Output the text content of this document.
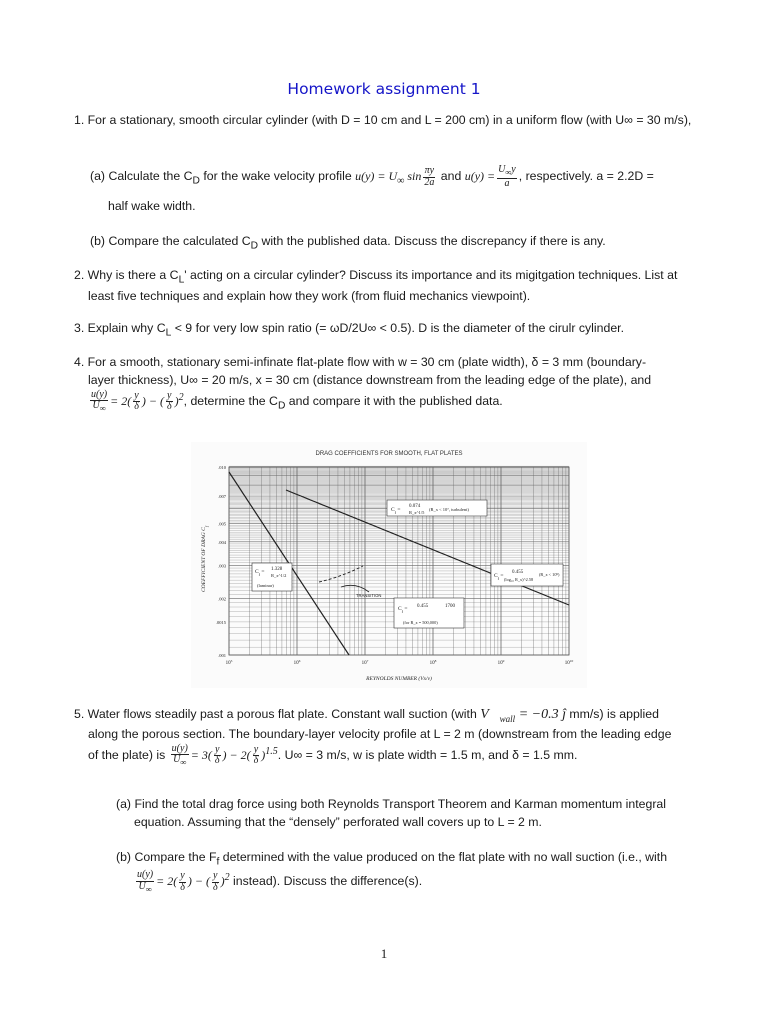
Homework assignment 1

1. For a stationary, smooth circular cylinder (with D = 10 cm and L = 200 cm) in a uniform flow (with U∞ = 30 m/s),

(a) Calculate the $C_D$ for the wake velocity profile $u(y) = U_\infty$ $\sin \frac{\pi y}{2a}$ and $u(y) = \frac{U_\infty y}{a}$ , respectively. a = 2.2D =

half wake width.

(b) Compare the calculated $C_D$ with the published data. Discuss the discrepancy if there is any.

2. Why is there a $C_L'$ acting on a circular cylinder? Discuss its importance and its migitgation techniques. List at least five techniques and explain how they work (from fluid mechanics viewpoint).

3. Explain why $C_L < 9$ for very low spin ratio (= ωD/2U∞ < 0.5). D is the diameter of the cirulr cylinder.

4. For a smooth, stationary semi-infinate flat-plate flow with w = 30 cm (plate width), δ = 3 mm (boundary-

layer thickness), U∞ = 20 m/s, x = 30 cm (distance downstream from the leading edge of the plate), and

$\frac{u(y)}{U_\infty} = 2( \frac{y}{\delta}$ ) − ( $\frac{y}{\delta} )^2$, determine the $C_D$ and compare it with the published data.

DRAG COEFFICIENTS FOR SMOOTH, FLAT PLATES
.010
.007
.005
.004
.003
.002
.0015
.001
$10^5$	$10^6$	$10^7$	$10^8$	$10^9$	$10^{10}$
$C_f$ =
0.074
R_x^1/5
(R_x < 10⁷, turbulent)
$C_f = 1.328$
R_x^1/2
(laminar)
TRANSITION
$C_f = 0.455$	1700
(for R_x = 500,000)
$C_f$ =
0.455
(log₁₀ R_x)^2.58
(R_x < 10⁹)
COEFFICIENT OF DRAG $C_f$
REYNOLDS NUMBER (Vx/ν)

5. Water flows steadily past a porous flat plate. Constant wall suction (with $V⃗_{wall} = -0.3$ ĵ mm/s) is applied

along the porous section. The boundary-layer velocity profile at L = 2 m (downstream from the leading edge

of the plate) is $\frac{u(y)}{U_\infty} = 3( \frac{y}{\delta}$ ) − $2( \frac{y}{\delta} )^{1.5}$. U∞ = 3 m/s, w is plate width = 1.5 m, and δ = 1.5 mm.

(a) Find the total drag force using both Reynolds Transport Theorem and Karman momentum integral

equation. Assuming that the “densely” perforated wall covers up to L = 2 m.

(b) Compare the $F_f$ determined with the value produced on the flat plate with no wall suction (i.e., with

$\frac{u(y)}{U_\infty} = 2( \frac{y}{\delta}$ ) − ( $\frac{y}{\delta} )^2$ instead). Discuss the difference(s).

1
